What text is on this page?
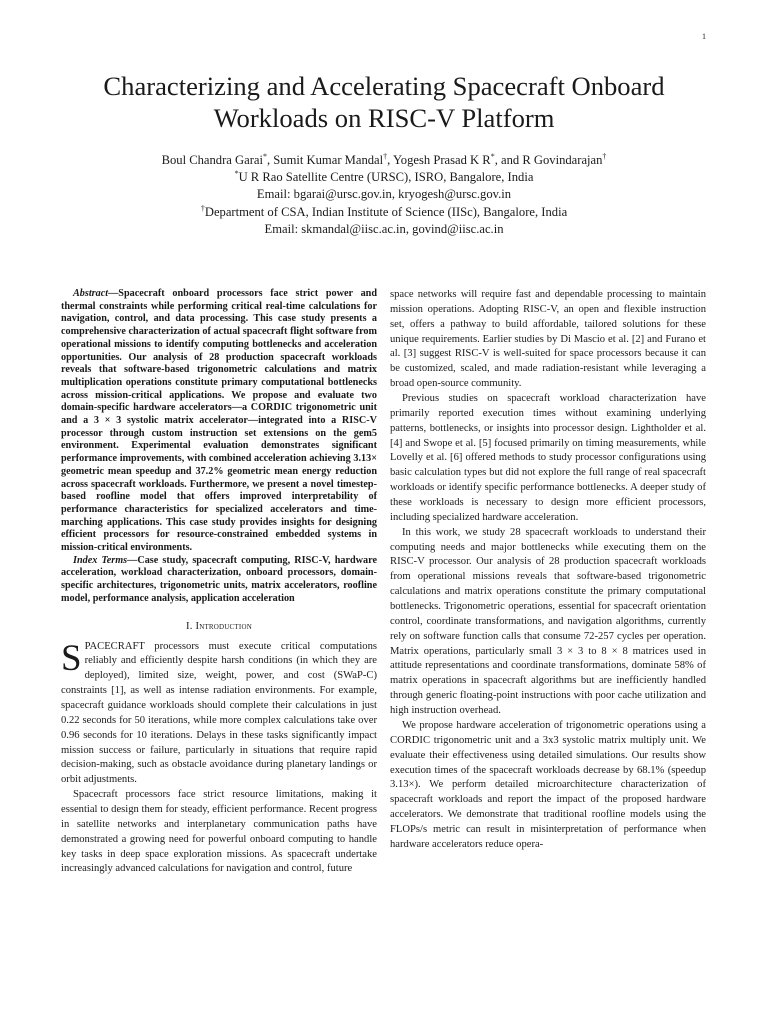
1
Characterizing and Accelerating Spacecraft Onboard
Workloads on RISC-V Platform
Boul Chandra Garai*, Sumit Kumar Mandal†, Yogesh Prasad K R*, and R Govindarajan†
*U R Rao Satellite Centre (URSC), ISRO, Bangalore, India
Email: bgarai@ursc.gov.in, kryogesh@ursc.gov.in
†Department of CSA, Indian Institute of Science (IISc), Bangalore, India
Email: skmandal@iisc.ac.in, govind@iisc.ac.in

Abstract—Spacecraft onboard processors face strict power and thermal constraints while performing critical real-time calculations for navigation, control, and data processing. This case study presents a comprehensive characterization of actual spacecraft flight software from operational missions to identify computing bottlenecks and acceleration opportunities. Our analysis of 28 production spacecraft workloads reveals that software-based trigonometric calculations and matrix multiplication operations constitute primary computational bottlenecks across mission-critical applications. We propose and evaluate two domain-specific hardware accelerators—a CORDIC trigonometric unit and a 3 × 3 systolic matrix accelerator—integrated into a RISC-V processor through custom instruction set extensions on the gem5 environment. Experimental evaluation demonstrates significant performance improvements, with combined acceleration achieving 3.13× geometric mean speedup and 37.2% geometric mean energy reduction across spacecraft workloads. Furthermore, we present a novel timestep-based roofline model that offers improved interpretability of performance characteristics for specialized accelerators and time-marching applications. This case study provides insights for designing efficient processors for resource-constrained embedded systems in mission-critical environments.

Index Terms—Case study, spacecraft computing, RISC-V, hardware acceleration, workload characterization, onboard processors, domain-specific architectures, trigonometric units, matrix accelerators, roofline model, performance analysis, application acceleration

I. Introduction

SPACECRAFT processors must execute critical computations reliably and efficiently despite harsh conditions (in which they are deployed), limited size, weight, power, and cost (SWaP-C) constraints [1], as well as intense radiation environments. For example, spacecraft guidance workloads should complete their calculations in just 0.22 seconds for 50 iterations, while more complex calculations take over 0.96 seconds for 10 iterations. Delays in these tasks significantly impact mission success or failure, particularly in situations that require rapid decision-making, such as obstacle avoidance during planetary landings or orbit adjustments.

Spacecraft processors face strict resource limitations, making it essential to design them for steady, efficient performance. Recent progress in satellite networks and interplanetary communication paths have demonstrated a growing need for powerful onboard computing to handle key tasks in deep space exploration missions. As spacecraft undertake increasingly advanced calculations for navigation and control, future

space networks will require fast and dependable processing to maintain mission operations. Adopting RISC-V, an open and flexible instruction set, offers a pathway to build affordable, tailored solutions for these unique requirements. Earlier studies by Di Mascio et al. [2] and Furano et al. [3] suggest RISC-V is well-suited for space processors because it can be customized, scaled, and made radiation-resistant while leveraging a broad open-source community.

Previous studies on spacecraft workload characterization have primarily reported execution times without examining underlying patterns, bottlenecks, or insights into processor design. Lightholder et al. [4] and Swope et al. [5] focused primarily on timing measurements, while Lovelly et al. [6] offered methods to study processor configurations using basic calculation types but did not explore the full range of real spacecraft workloads or identify specific performance bottlenecks. A deeper study of these workloads is necessary to design more efficient processors, including specialized hardware acceleration.

In this work, we study 28 spacecraft workloads to understand their computing needs and major bottlenecks while executing them on the RISC-V processor. Our analysis of 28 production spacecraft workloads from operational missions reveals that software-based trigonometric calculations and matrix operations constitute the primary computational bottlenecks. Trigonometric operations, essential for spacecraft orientation control, coordinate transformations, and navigation algorithms, currently rely on software function calls that consume 72-257 cycles per operation. Matrix operations, particularly small 3 × 3 to 8 × 8 matrices used in attitude representations and coordinate transformations, dominate 58% of matrix operations in spacecraft algorithms but are inefficiently handled through generic floating-point instructions with poor cache utilization and high instruction overhead.

We propose hardware acceleration of trigonometric operations using a CORDIC trigonometric unit and a 3x3 systolic matrix multiply unit. We evaluate their effectiveness using detailed simulations. Our results show execution times of the spacecraft workloads decrease by 68.1% (speedup 3.13×). We perform detailed microarchitecture characterization of spacecraft workloads and report the impact of the proposed hardware accelerators. We demonstrate that traditional roofline models using the FLOPs/s metric can result in misinterpretation of performance when hardware accelerators reduce opera-
